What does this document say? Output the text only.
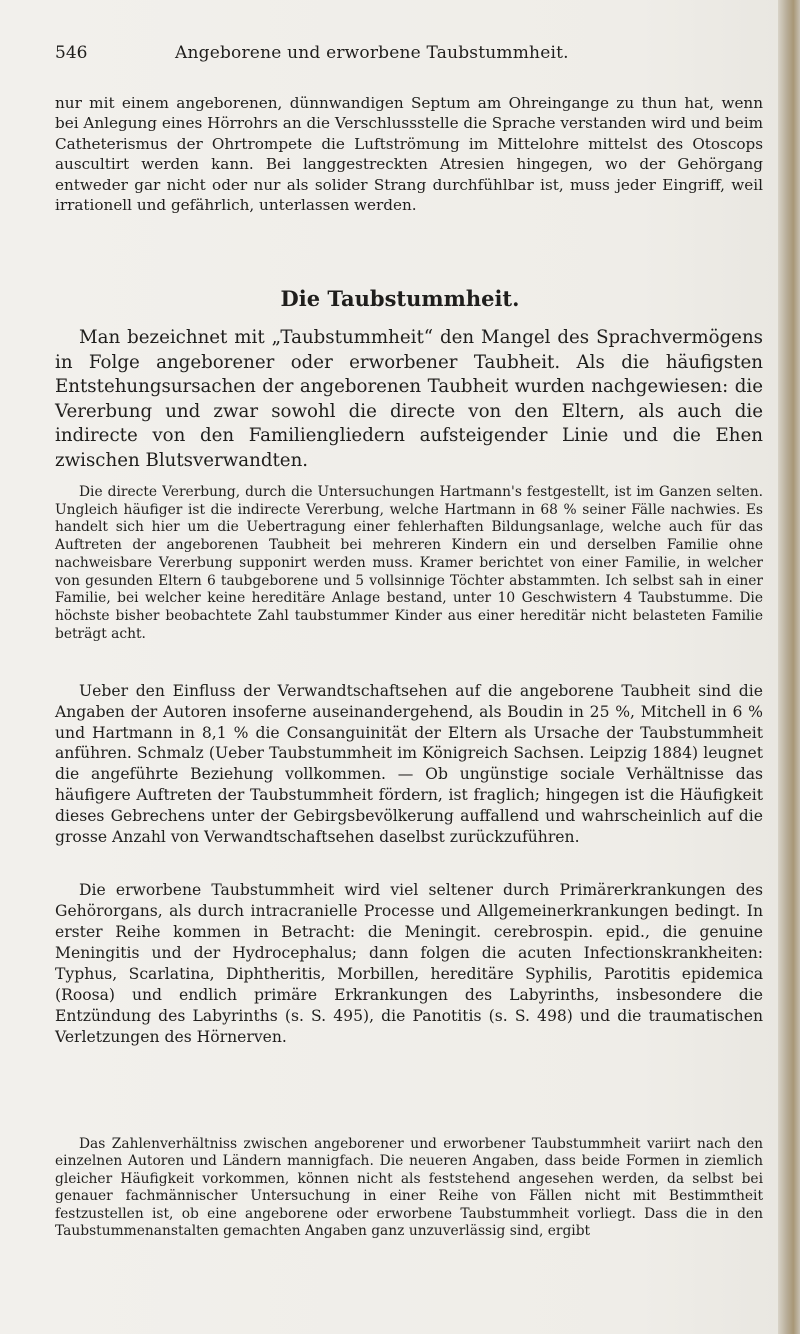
546	Angeborene und erworbene Taubstummheit.
nur mit einem angeborenen, dünnwandigen Septum am Ohreingange zu thun hat, wenn bei Anlegung eines Hörrohrs an die Verschlussstelle die Sprache verstanden wird und beim Catheterismus der Ohrtrompete die Luftströmung im Mittelohre mittelst des Otoscops auscultirt werden kann. Bei langgestreckten Atresien hingegen, wo der Gehörgang entweder gar nicht oder nur als solider Strang durchfühlbar ist, muss jeder Eingriff, weil irrationell und gefährlich, unterlassen werden.
Die Taubstummheit.
Man bezeichnet mit „Taubstummheit“ den Mangel des Sprachvermögens in Folge angeborener oder erworbener Taubheit. Als die häufigsten Entstehungsursachen der angeborenen Taubheit wurden nachgewiesen: die Vererbung und zwar sowohl die directe von den Eltern, als auch die indirecte von den Familiengliedern aufsteigender Linie und die Ehen zwischen Blutsverwandten.
Die directe Vererbung, durch die Untersuchungen Hartmann's festgestellt, ist im Ganzen selten. Ungleich häufiger ist die indirecte Vererbung, welche Hartmann in 68 % seiner Fälle nachwies. Es handelt sich hier um die Uebertragung einer fehlerhaften Bildungsanlage, welche auch für das Auftreten der angeborenen Taubheit bei mehreren Kindern ein und derselben Familie ohne nachweisbare Vererbung supponirt werden muss. Kramer berichtet von einer Familie, in welcher von gesunden Eltern 6 taubgeborene und 5 vollsinnige Töchter abstammten. Ich selbst sah in einer Familie, bei welcher keine hereditäre Anlage bestand, unter 10 Geschwistern 4 Taubstumme. Die höchste bisher beobachtete Zahl taubstummer Kinder aus einer hereditär nicht belasteten Familie beträgt acht.
Ueber den Einfluss der Verwandtschaftsehen auf die angeborene Taubheit sind die Angaben der Autoren insoferne auseinandergehend, als Boudin in 25 %, Mitchell in 6 % und Hartmann in 8,1 % die Consanguinität der Eltern als Ursache der Taubstummheit anführen. Schmalz (Ueber Taubstummheit im Königreich Sachsen. Leipzig 1884) leugnet die angeführte Beziehung vollkommen. — Ob ungünstige sociale Verhältnisse das häufigere Auftreten der Taubstummheit fördern, ist fraglich; hingegen ist die Häufigkeit dieses Gebrechens unter der Gebirgsbevölkerung auffallend und wahrscheinlich auf die grosse Anzahl von Verwandtschaftsehen daselbst zurückzuführen.
Die erworbene Taubstummheit wird viel seltener durch Primärerkrankungen des Gehörorgans, als durch intracranielle Processe und Allgemeinerkrankungen bedingt. In erster Reihe kommen in Betracht: die Meningit. cerebrospin. epid., die genuine Meningitis und der Hydrocephalus; dann folgen die acuten Infectionskrankheiten: Typhus, Scarlatina, Diphtheritis, Morbillen, hereditäre Syphilis, Parotitis epidemica (Roosa) und endlich primäre Erkrankungen des Labyrinths, insbesondere die Entzündung des Labyrinths (s. S. 495), die Panotitis (s. S. 498) und die traumatischen Verletzungen des Hörnerven.
Das Zahlenverhältniss zwischen angeborener und erworbener Taubstummheit variirt nach den einzelnen Autoren und Ländern mannigfach. Die neueren Angaben, dass beide Formen in ziemlich gleicher Häufigkeit vorkommen, können nicht als feststehend angesehen werden, da selbst bei genauer fachmännischer Untersuchung in einer Reihe von Fällen nicht mit Bestimmtheit festzustellen ist, ob eine angeborene oder erworbene Taubstummheit vorliegt. Dass die in den Taubstummenanstalten gemachten Angaben ganz unzuverlässig sind, ergibt
